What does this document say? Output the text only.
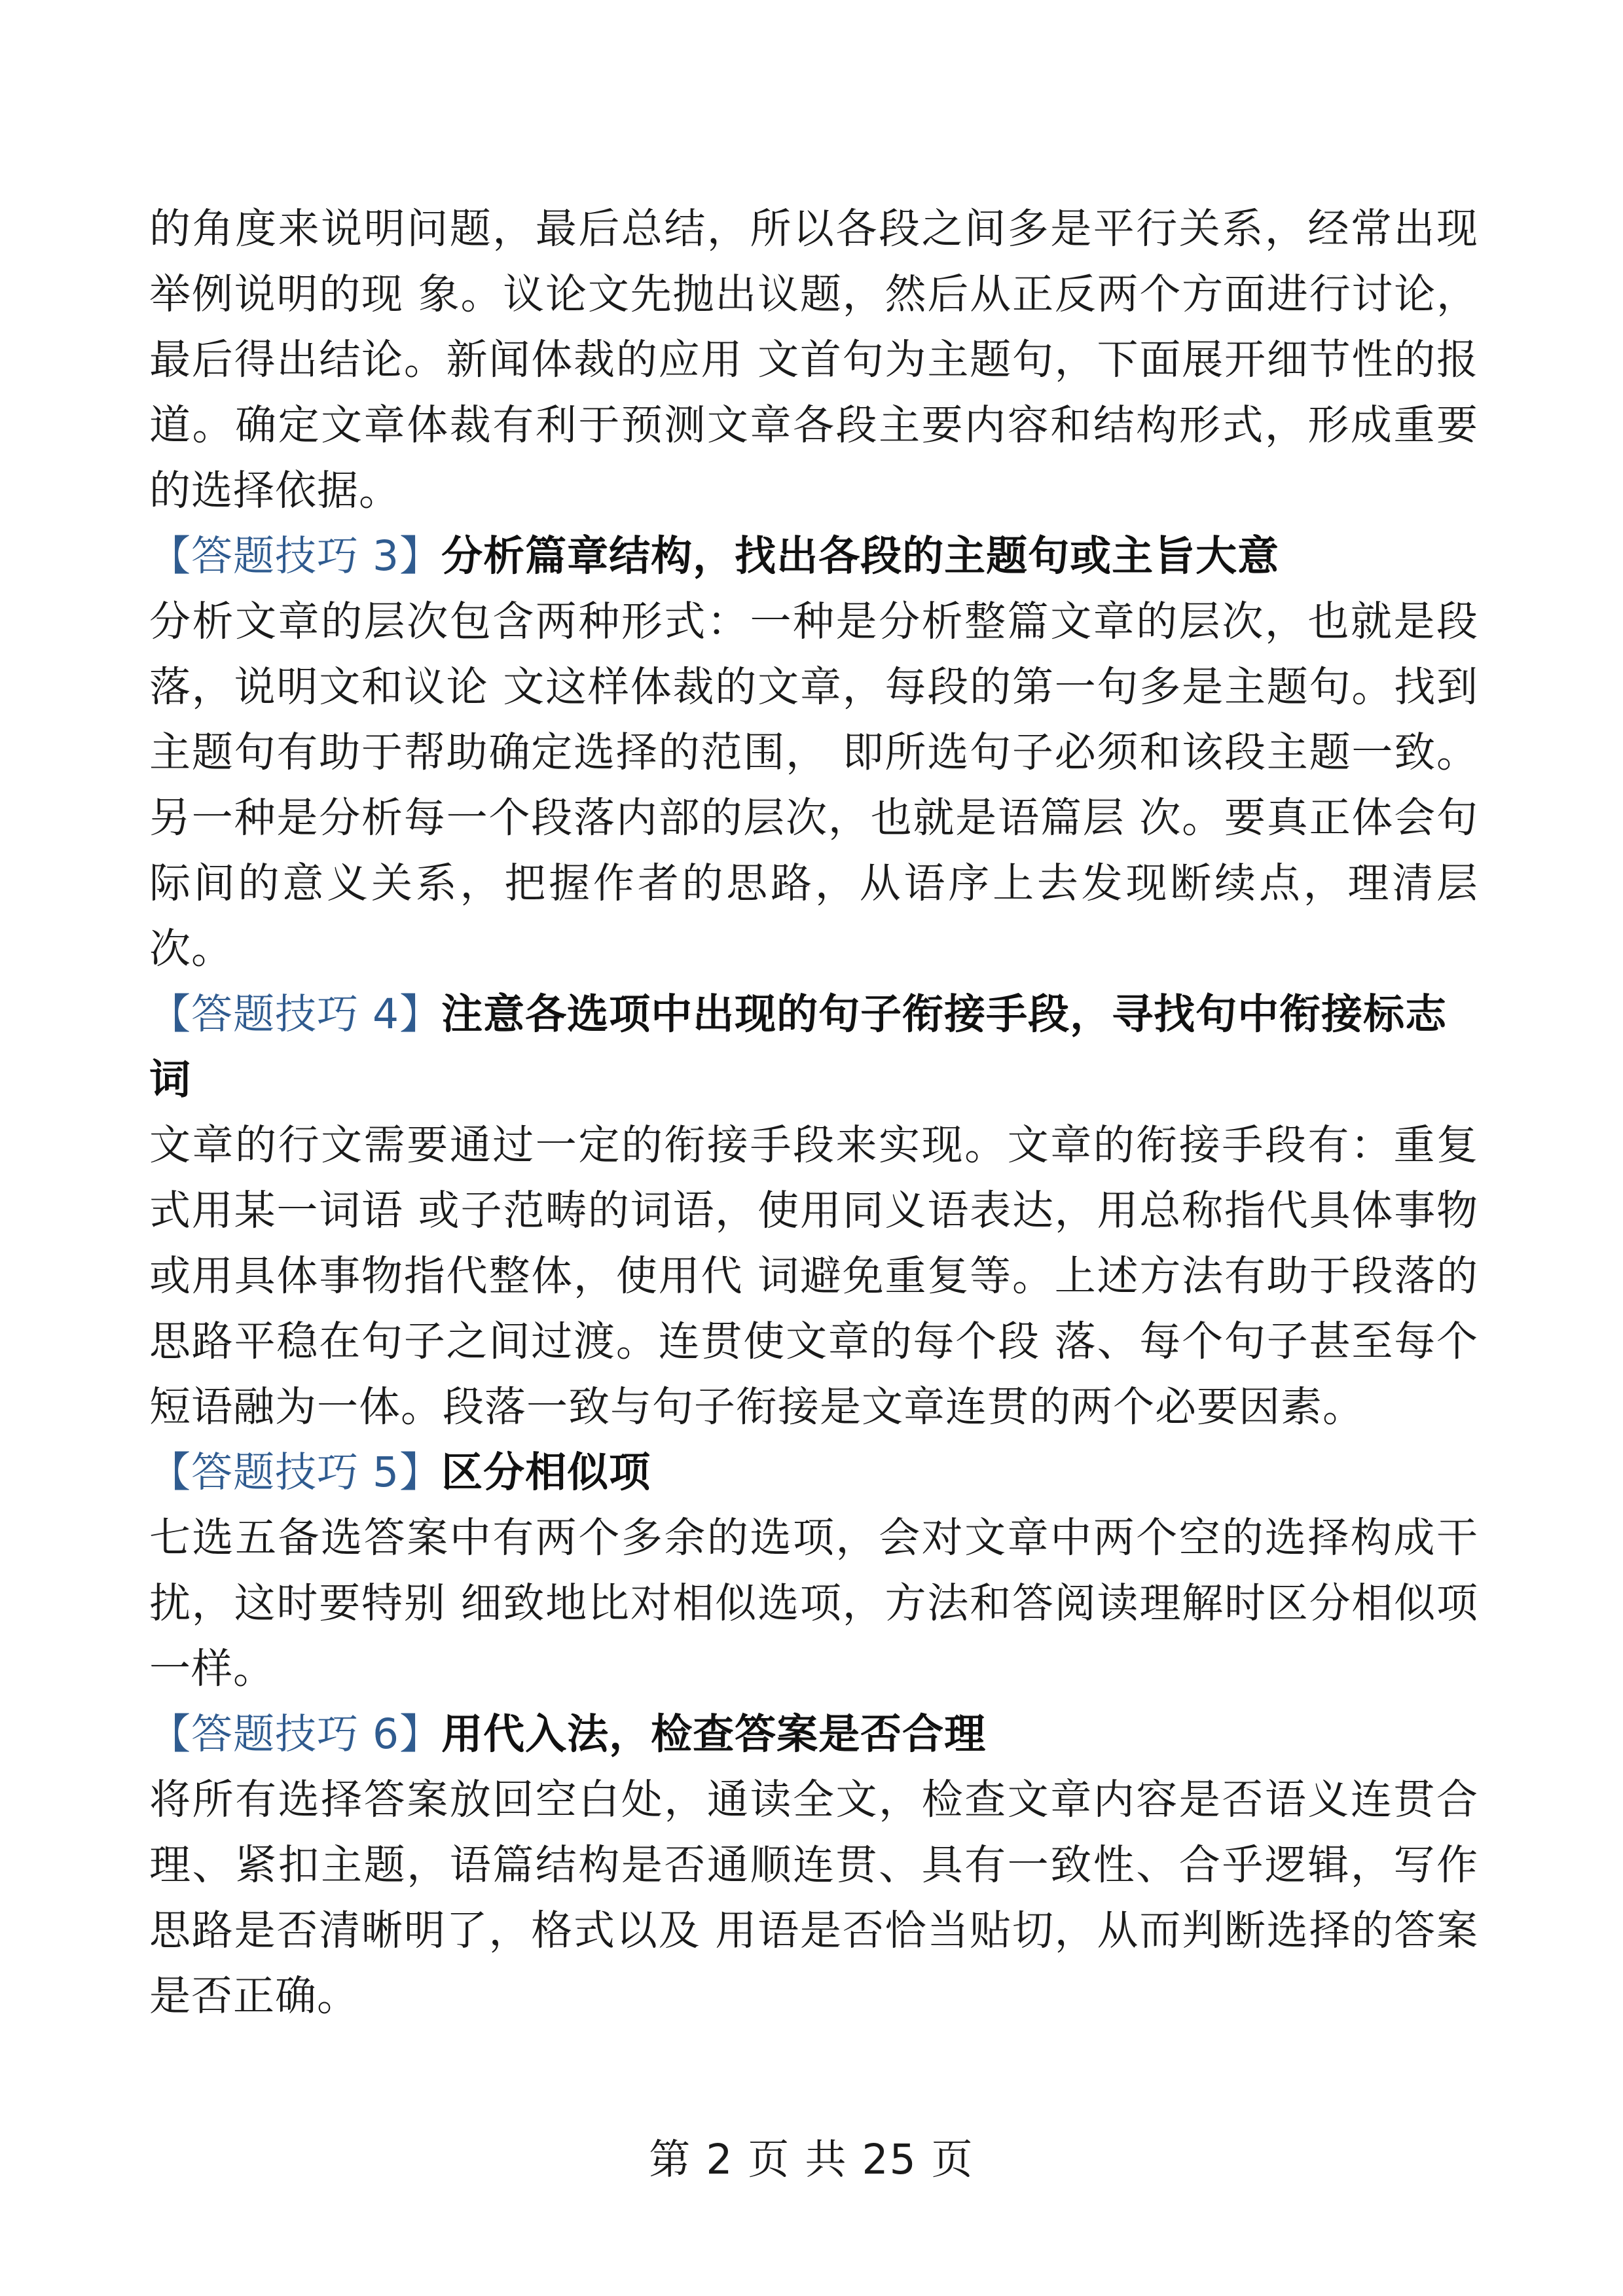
的角度来说明问题，最后总结，所以各段之间多是平行关系，经常出现举例说明的现 象。议论文先抛出议题，然后从正反两个方面进行讨论，最后得出结论。新闻体裁的应用 文首句为主题句，下面展开细节性的报道。确定文章体裁有利于预测文章各段主要内容和结构形式，形成重要的选择依据。

【答题技巧 3】分析篇章结构，找出各段的主题句或主旨大意

分析文章的层次包含两种形式：一种是分析整篇文章的层次，也就是段落，说明文和议论 文这样体裁的文章，每段的第一句多是主题句。找到主题句有助于帮助确定选择的范围， 即所选句子必须和该段主题一致。另一种是分析每一个段落内部的层次，也就是语篇层 次。要真正体会句际间的意义关系，把握作者的思路，从语序上去发现断续点，理清层 次。

【答题技巧 4】注意各选项中出现的句子衔接手段，寻找句中衔接标志词

文章的行文需要通过一定的衔接手段来实现。文章的衔接手段有：重复式用某一词语 或子范畴的词语，使用同义语表达，用总称指代具体事物或用具体事物指代整体，使用代 词避免重复等。上述方法有助于段落的思路平稳在句子之间过渡。连贯使文章的每个段 落、每个句子甚至每个短语融为一体。段落一致与句子衔接是文章连贯的两个必要因素。

【答题技巧 5】区分相似项

七选五备选答案中有两个多余的选项，会对文章中两个空的选择构成干扰，这时要特别 细致地比对相似选项，方法和答阅读理解时区分相似项一样。

【答题技巧 6】用代入法，检查答案是否合理

将所有选择答案放回空白处，通读全文，检查文章内容是否语义连贯合理、紧扣主题，语篇结构是否通顺连贯、具有一致性、合乎逻辑，写作思路是否清晰明了，格式以及 用语是否恰当贴切，从而判断选择的答案是否正确。

第 2 页 共 25 页
